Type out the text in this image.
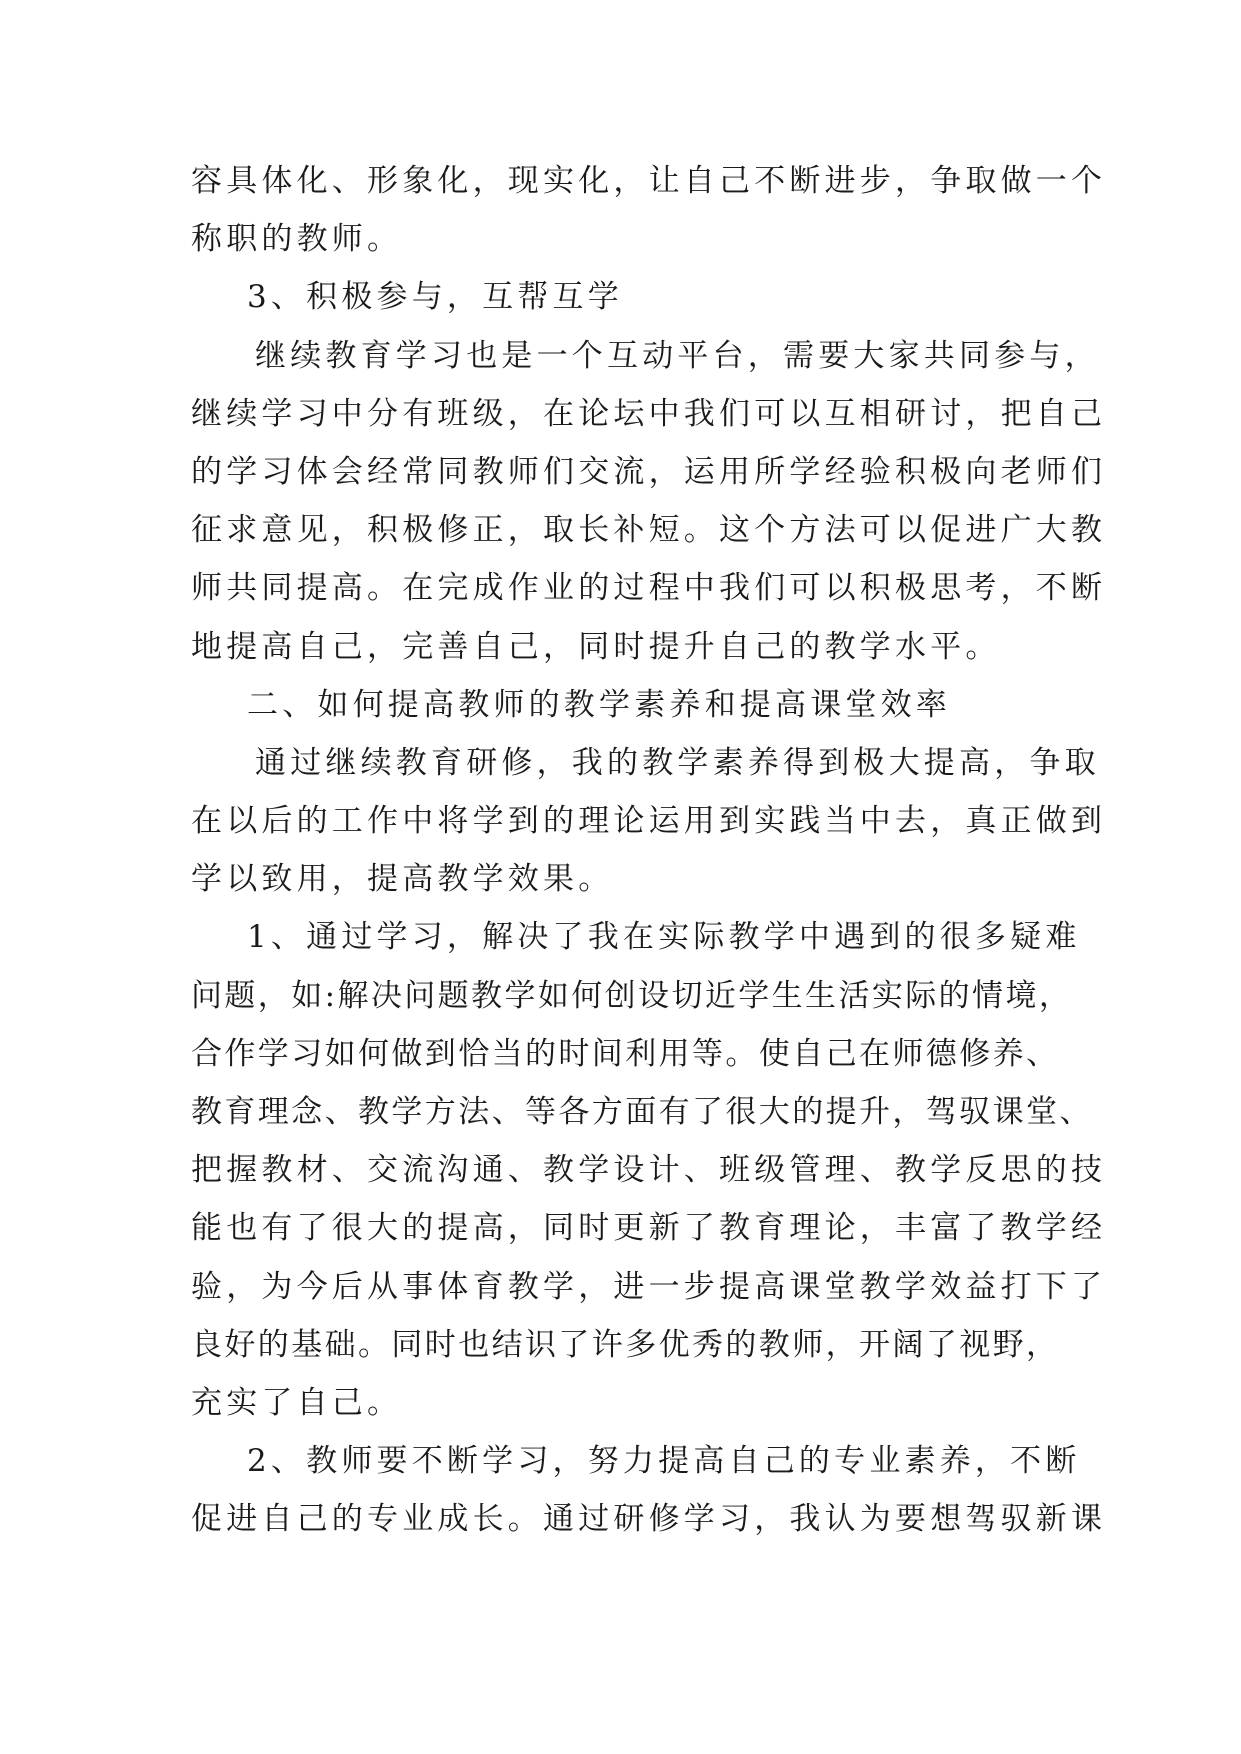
容具体化、形象化，现实化，让自己不断进步，争取做一个
称职的教师。
3、积极参与，互帮互学
继续教育学习也是一个互动平台，需要大家共同参与，
继续学习中分有班级，在论坛中我们可以互相研讨，把自己
的学习体会经常同教师们交流，运用所学经验积极向老师们
征求意见，积极修正，取长补短。这个方法可以促进广大教
师共同提高。在完成作业的过程中我们可以积极思考，不断
地提高自己，完善自己，同时提升自己的教学水平。
二、如何提高教师的教学素养和提高课堂效率
通过继续教育研修，我的教学素养得到极大提高，争取
在以后的工作中将学到的理论运用到实践当中去，真正做到
学以致用，提高教学效果。
1、通过学习，解决了我在实际教学中遇到的很多疑难
问题，如:解决问题教学如何创设切近学生生活实际的情境，
合作学习如何做到恰当的时间利用等。使自己在师德修养、
教育理念、教学方法、等各方面有了很大的提升，驾驭课堂、
把握教材、交流沟通、教学设计、班级管理、教学反思的技
能也有了很大的提高，同时更新了教育理论，丰富了教学经
验，为今后从事体育教学，进一步提高课堂教学效益打下了
良好的基础。同时也结识了许多优秀的教师，开阔了视野，
充实了自己。
2、教师要不断学习，努力提高自己的专业素养，不断
促进自己的专业成长。通过研修学习，我认为要想驾驭新课
